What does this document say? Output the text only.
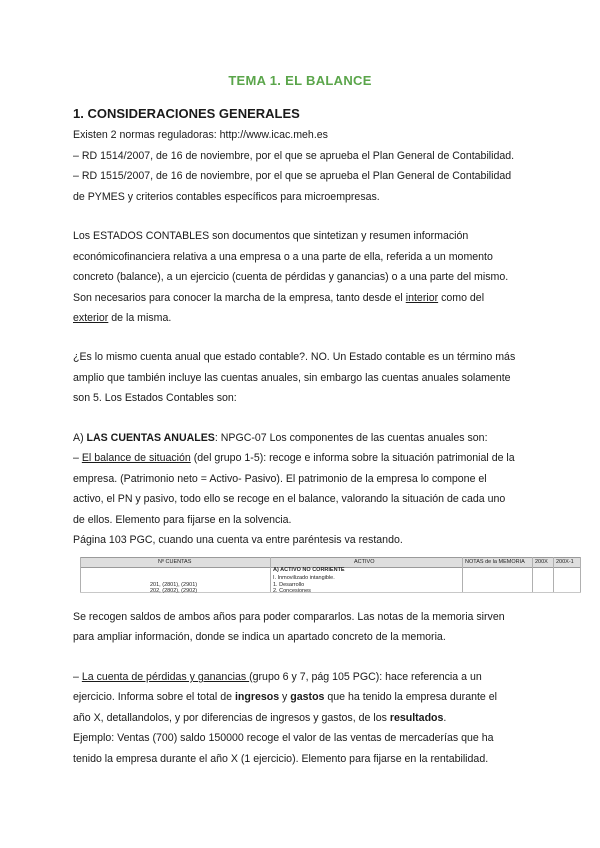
TEMA 1. EL BALANCE
1. CONSIDERACIONES GENERALES
Existen 2 normas reguladoras: http://www.icac.meh.es
– RD 1514/2007, de 16 de noviembre, por el que se aprueba el Plan General de Contabilidad.
– RD 1515/2007, de 16 de noviembre, por el que se aprueba el Plan General de Contabilidad
de PYMES y criterios contables específicos para microempresas.
Los ESTADOS CONTABLES son documentos que sintetizan y resumen información
económicofinanciera relativa a una empresa o a una parte de ella, referida a un momento
concreto (balance), a un ejercicio (cuenta de pérdidas y ganancias) o a una parte del mismo.
Son necesarios para conocer la marcha de la empresa, tanto desde el interior como del
exterior de la misma.
¿Es lo mismo cuenta anual que estado contable?. NO. Un Estado contable es un término más
amplio que también incluye las cuentas anuales, sin embargo las cuentas anuales solamente
son 5. Los Estados Contables son:
A) LAS CUENTAS ANUALES: NPGC-07 Los componentes de las cuentas anuales son:
– El balance de situación (del grupo 1-5): recoge e informa sobre la situación patrimonial de la
empresa. (Patrimonio neto = Activo- Pasivo). El patrimonio de la empresa lo compone el
activo, el PN y pasivo, todo ello se recoge en el balance, valorando la situación de cada uno
de ellos. Elemento para fijarse en la solvencia.
Página 103 PGC, cuando una cuenta va entre paréntesis va restando.
Nº CUENTAS	ACTIVO	NOTAS de la MEMORIA 200X 200X-1
A) ACTIVO NO CORRIENTE
I. Inmovilizado intangible.
201, (2801), (2901)	1. Desarrollo
202, (2802), (2902)	2. Concesiones
Se recogen saldos de ambos años para poder compararlos. Las notas de la memoria sirven
para ampliar información, donde se indica un apartado concreto de la memoria.
– La cuenta de pérdidas y ganancias (grupo 6 y 7, pág 105 PGC): hace referencia a un
ejercicio. Informa sobre el total de ingresos y gastos que ha tenido la empresa durante el
año X, detallandolos, y por diferencias de ingresos y gastos, de los resultados.
Ejemplo: Ventas (700) saldo 150000 recoge el valor de las ventas de mercaderías que ha
tenido la empresa durante el año X (1 ejercicio). Elemento para fijarse en la rentabilidad.
